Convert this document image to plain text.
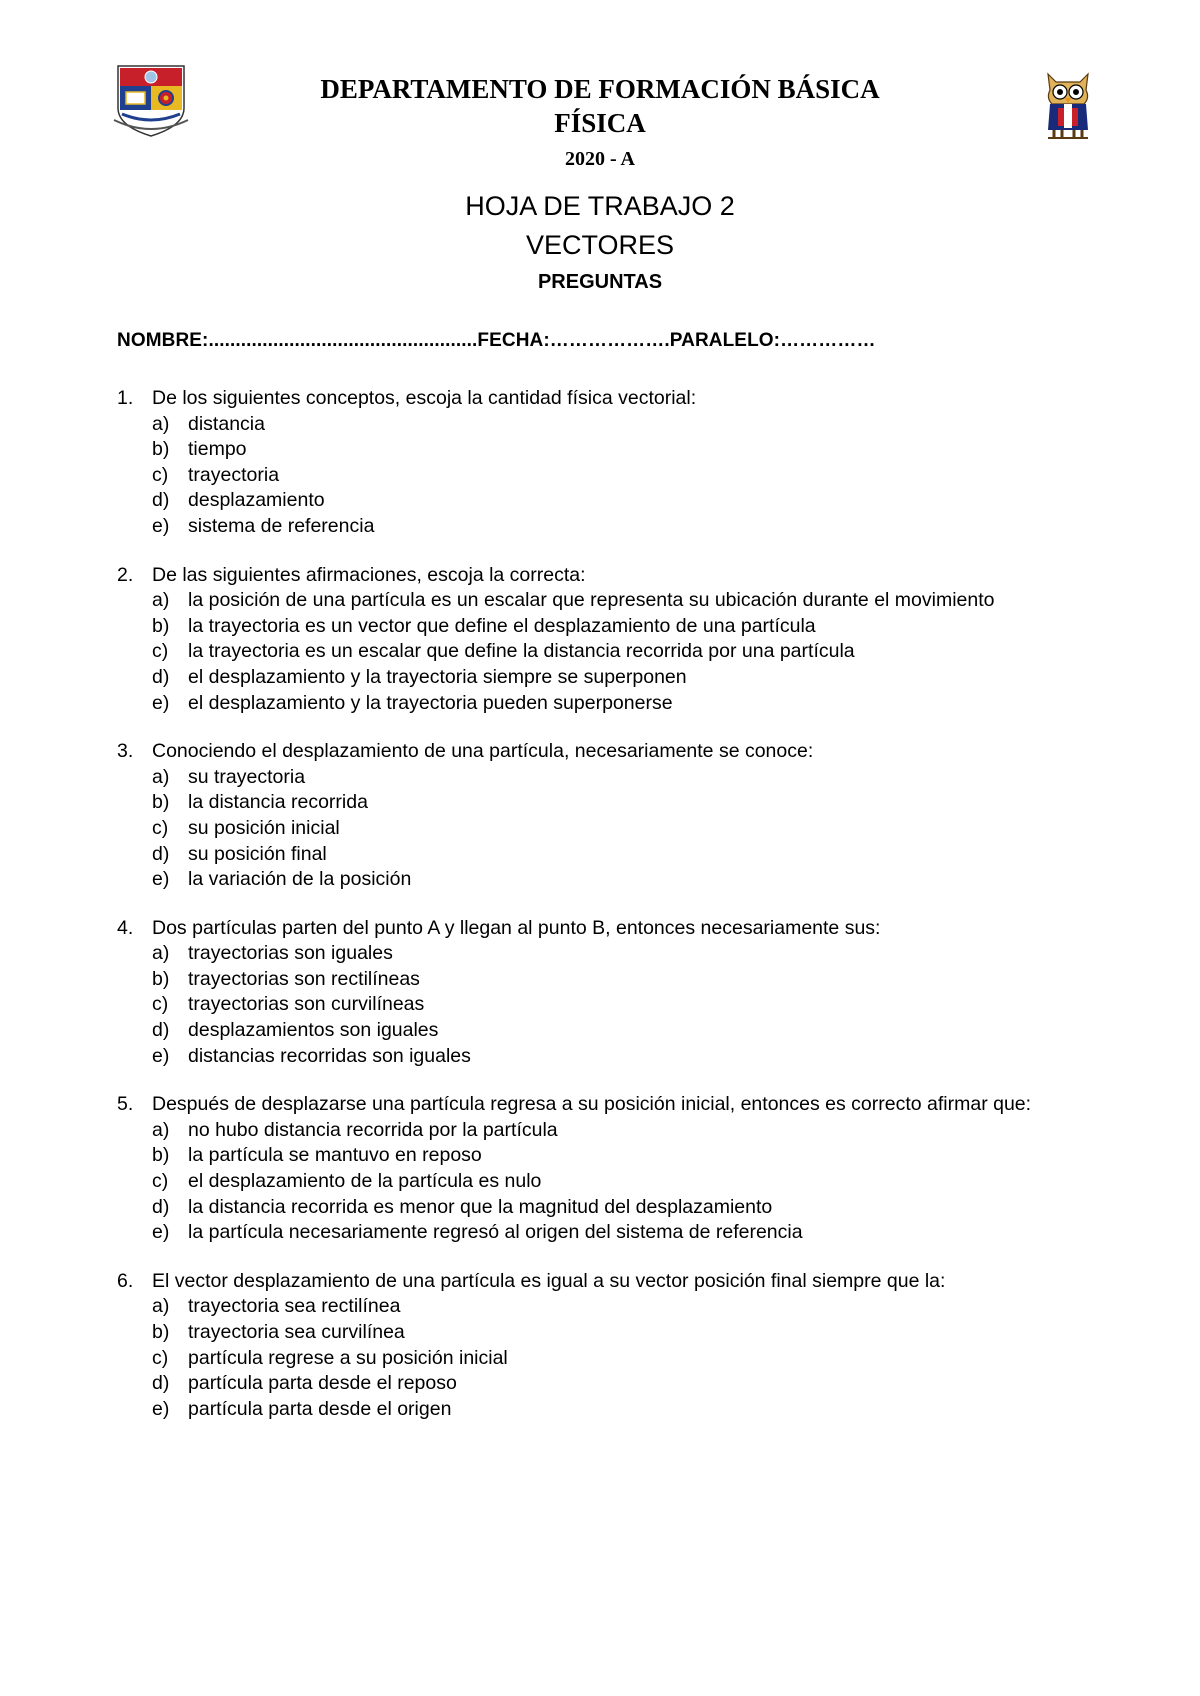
DEPARTAMENTO DE FORMACIÓN BÁSICA
FÍSICA
2020 - A
HOJA DE TRABAJO 2
VECTORES
PREGUNTAS
NOMBRE:..................................................FECHA:……………….PARALELO:……………
1. De los siguientes conceptos, escoja la cantidad física vectorial:
a) distancia
b) tiempo
c) trayectoria
d) desplazamiento
e) sistema de referencia
2. De las siguientes afirmaciones, escoja la correcta:
a) la posición de una partícula es un escalar que representa su ubicación durante el movimiento
b) la trayectoria es un vector que define el desplazamiento de una partícula
c) la trayectoria es un escalar que define la distancia recorrida por una partícula
d) el desplazamiento y la trayectoria siempre se superponen
e) el desplazamiento y la trayectoria pueden superponerse
3. Conociendo el desplazamiento de una partícula, necesariamente se conoce:
a) su trayectoria
b) la distancia recorrida
c) su posición inicial
d) su posición final
e) la variación de la posición
4. Dos partículas parten del punto A y llegan al punto B, entonces necesariamente sus:
a) trayectorias son iguales
b) trayectorias son rectilíneas
c) trayectorias son curvilíneas
d) desplazamientos son iguales
e) distancias recorridas son iguales
5. Después de desplazarse una partícula regresa a su posición inicial, entonces es correcto afirmar que:
a) no hubo distancia recorrida por la partícula
b) la partícula se mantuvo en reposo
c) el desplazamiento de la partícula es nulo
d) la distancia recorrida es menor que la magnitud del desplazamiento
e) la partícula necesariamente regresó al origen del sistema de referencia
6. El vector desplazamiento de una partícula es igual a su vector posición final siempre que la:
a) trayectoria sea rectilínea
b) trayectoria sea curvilínea
c) partícula regrese a su posición inicial
d) partícula parta desde el reposo
e) partícula parta desde el origen
